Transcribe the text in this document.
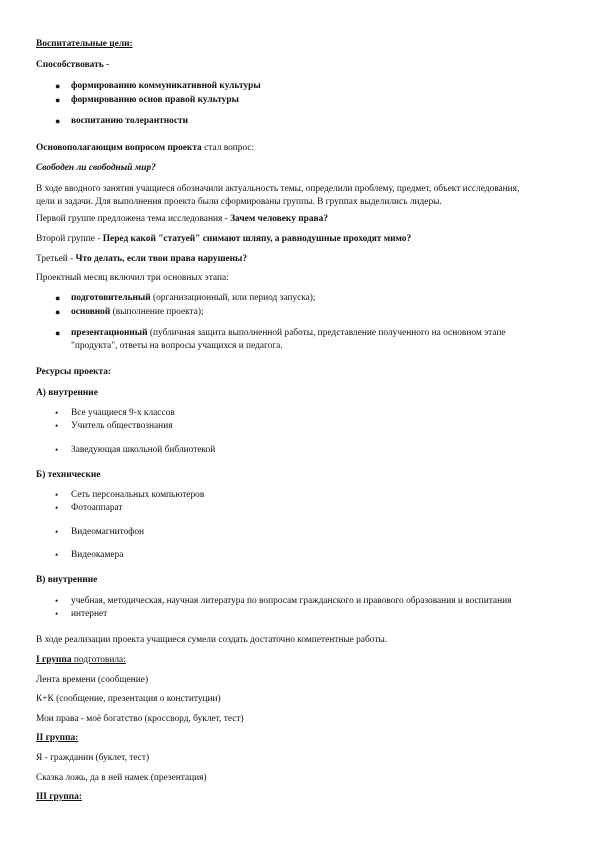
Воспитательные цели:
Способствовать -
● формированию коммуникативной культуры
● формированию основ правой культуры
● воспитанию толерантности
Основополагающим вопросом проекта стал вопрос:
Свободен ли свободный мир?
В ходе вводного занятия учащиеся обозначили актуальность темы, определили проблему, предмет, объект исследования,
цели и задачи. Для выполнения проекта были сформированы группы. В группах выделились лидеры.
Первой группе предложена тема исследования - Зачем человеку права?
Второй группе - Перед какой "статуей" снимают шляпу, а равнодушные проходят мимо?
Третьей - Что делать, если твои права нарушены?
Проектный месяц включил три основных этапа:
● подготовительный (организационный, или период запуска);
● основной (выполнение проекта);
● презентационный (публичная защита выполненной работы, представление полученного на основном этапе
"продукта", ответы на вопросы учащихся и педагога.
Ресурсы проекта:
А) внутренние
• Все учащиеся 9-х классов
• Учитель обществознания
• Заведующая школьной библиотекой
Б) технические
• Сеть персональных компьютеров
• Фотоаппарат
• Видеомагнитофон
• Видеокамера
В) внутренние
• учебная, методическая, научная литература по вопросам гражданского и правового образования и воспитания
• интернет
В ходе реализации проекта учащиеся сумели создать достаточно компетентные работы.
I группа подготовила:
Лента времени (сообщение)
К+К (сообщение, презентация о конституции)
Мои права - моё богатство (кроссворд, буклет, тест)
II группа:
Я - гражданин (буклет, тест)
Сказка ложь, да в ней намек (презентация)
III группа:
